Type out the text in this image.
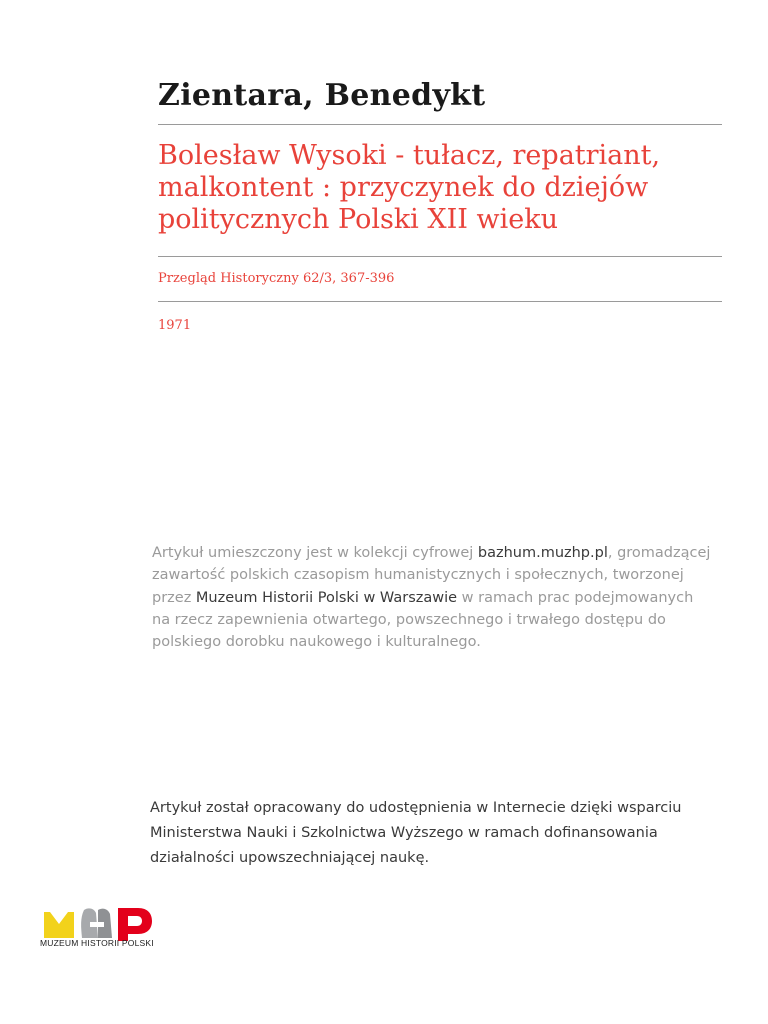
Zientara, Benedykt
Bolesław Wysoki - tułacz, repatriant, malkontent : przyczynek do dziejów politycznych Polski XII wieku
Przegląd Historyczny 62/3, 367-396
1971

Artykuł umieszczony jest w kolekcji cyfrowej bazhum.muzhp.pl, gromadzącej zawartość polskich czasopism humanistycznych i społecznych, tworzonej przez Muzeum Historii Polski w Warszawie w ramach prac podejmowanych na rzecz zapewnienia otwartego, powszechnego i trwałego dostępu do polskiego dorobku naukowego i kulturalnego.

Artykuł został opracowany do udostępnienia w Internecie dzięki wsparciu Ministerstwa Nauki i Szkolnictwa Wyższego w ramach dofinansowania działalności upowszechniającej naukę.

MUZEUM HISTORII POLSKI
